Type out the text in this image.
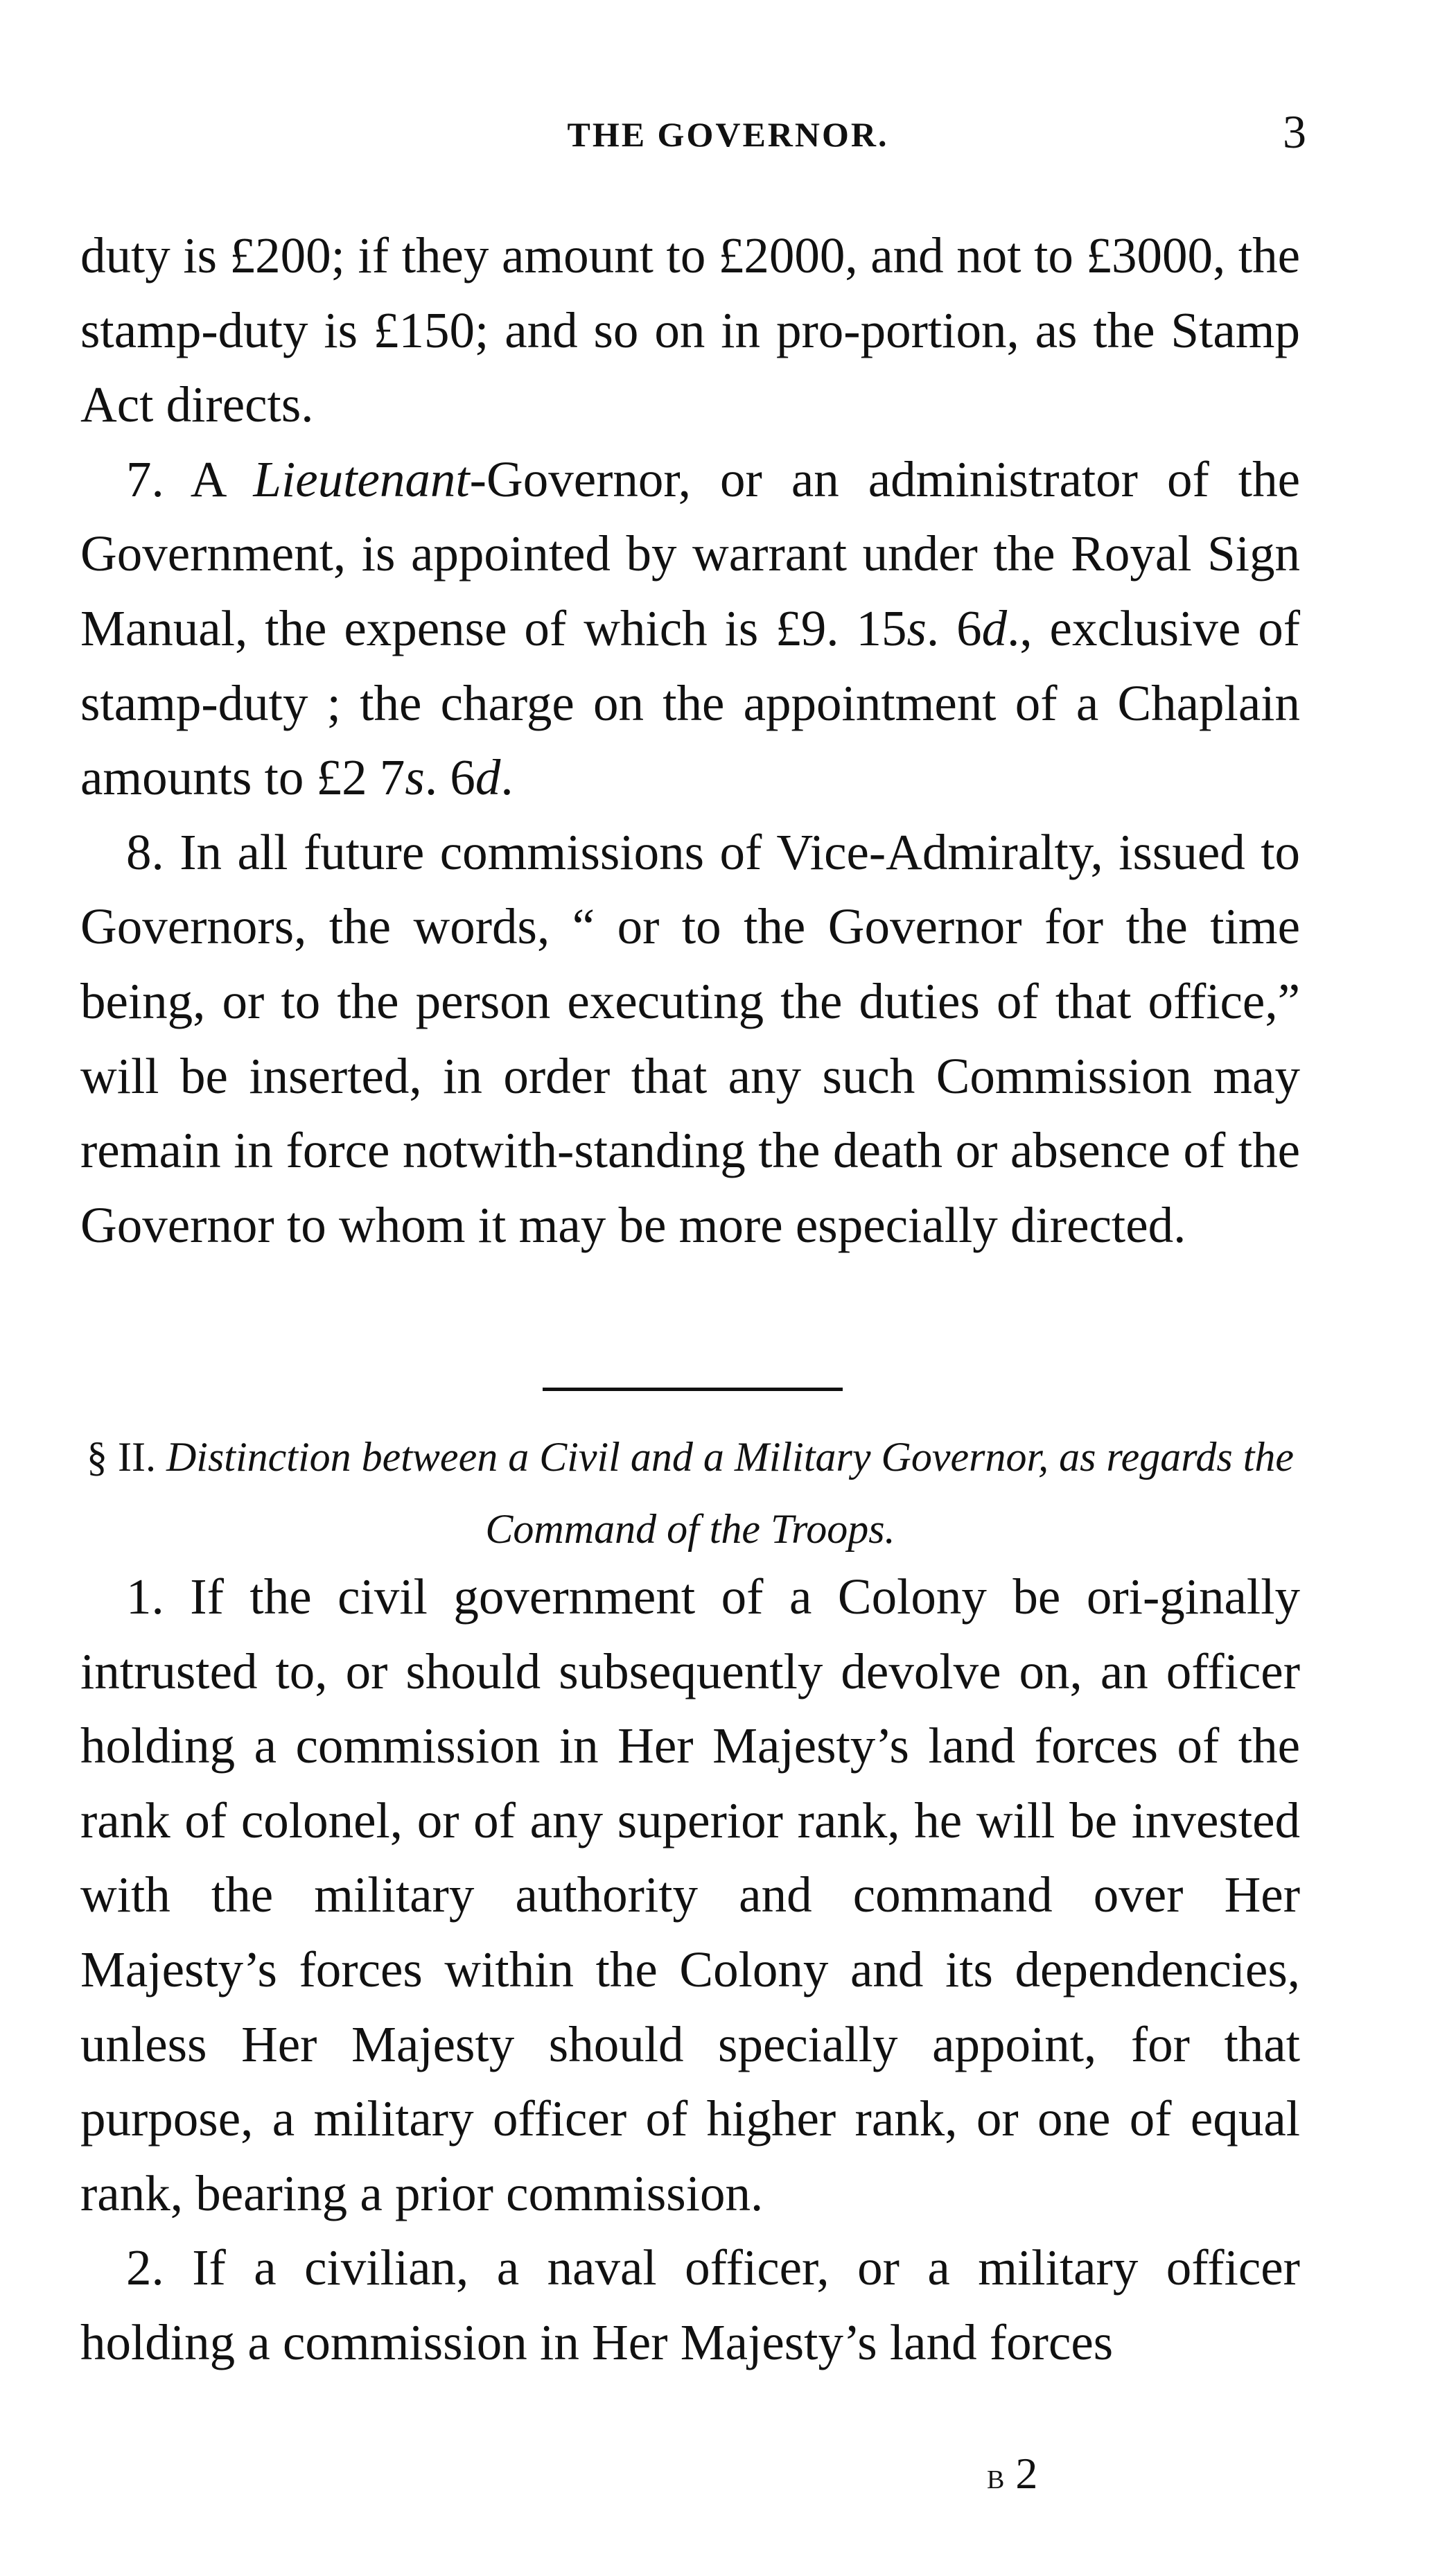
THE GOVERNOR.	3

duty is £200; if they amount to £2000, and not to £3000, the stamp-duty is £150; and so on in pro-portion, as the Stamp Act directs.

7. A Lieutenant-Governor, or an administrator of the Government, is appointed by warrant under the Royal Sign Manual, the expense of which is £9. 15s. 6d., exclusive of stamp-duty ; the charge on the appointment of a Chaplain amounts to £2 7s. 6d.

8. In all future commissions of Vice-Admiralty, issued to Governors, the words, “ or to the Governor for the time being, or to the person executing the duties of that office,” will be inserted, in order that any such Commission may remain in force notwith-standing the death or absence of the Governor to whom it may be more especially directed.

§ II. Distinction between a Civil and a Military Governor, as regards the Command of the Troops.

1. If the civil government of a Colony be ori-ginally intrusted to, or should subsequently devolve on, an officer holding a commission in Her Majesty’s land forces of the rank of colonel, or of any superior rank, he will be invested with the military authority and command over Her Majesty’s forces within the Colony and its dependencies, unless Her Majesty should specially appoint, for that purpose, a military officer of higher rank, or one of equal rank, bearing a prior commission.

2. If a civilian, a naval officer, or a military officer holding a commission in Her Majesty’s land forces

b 2
